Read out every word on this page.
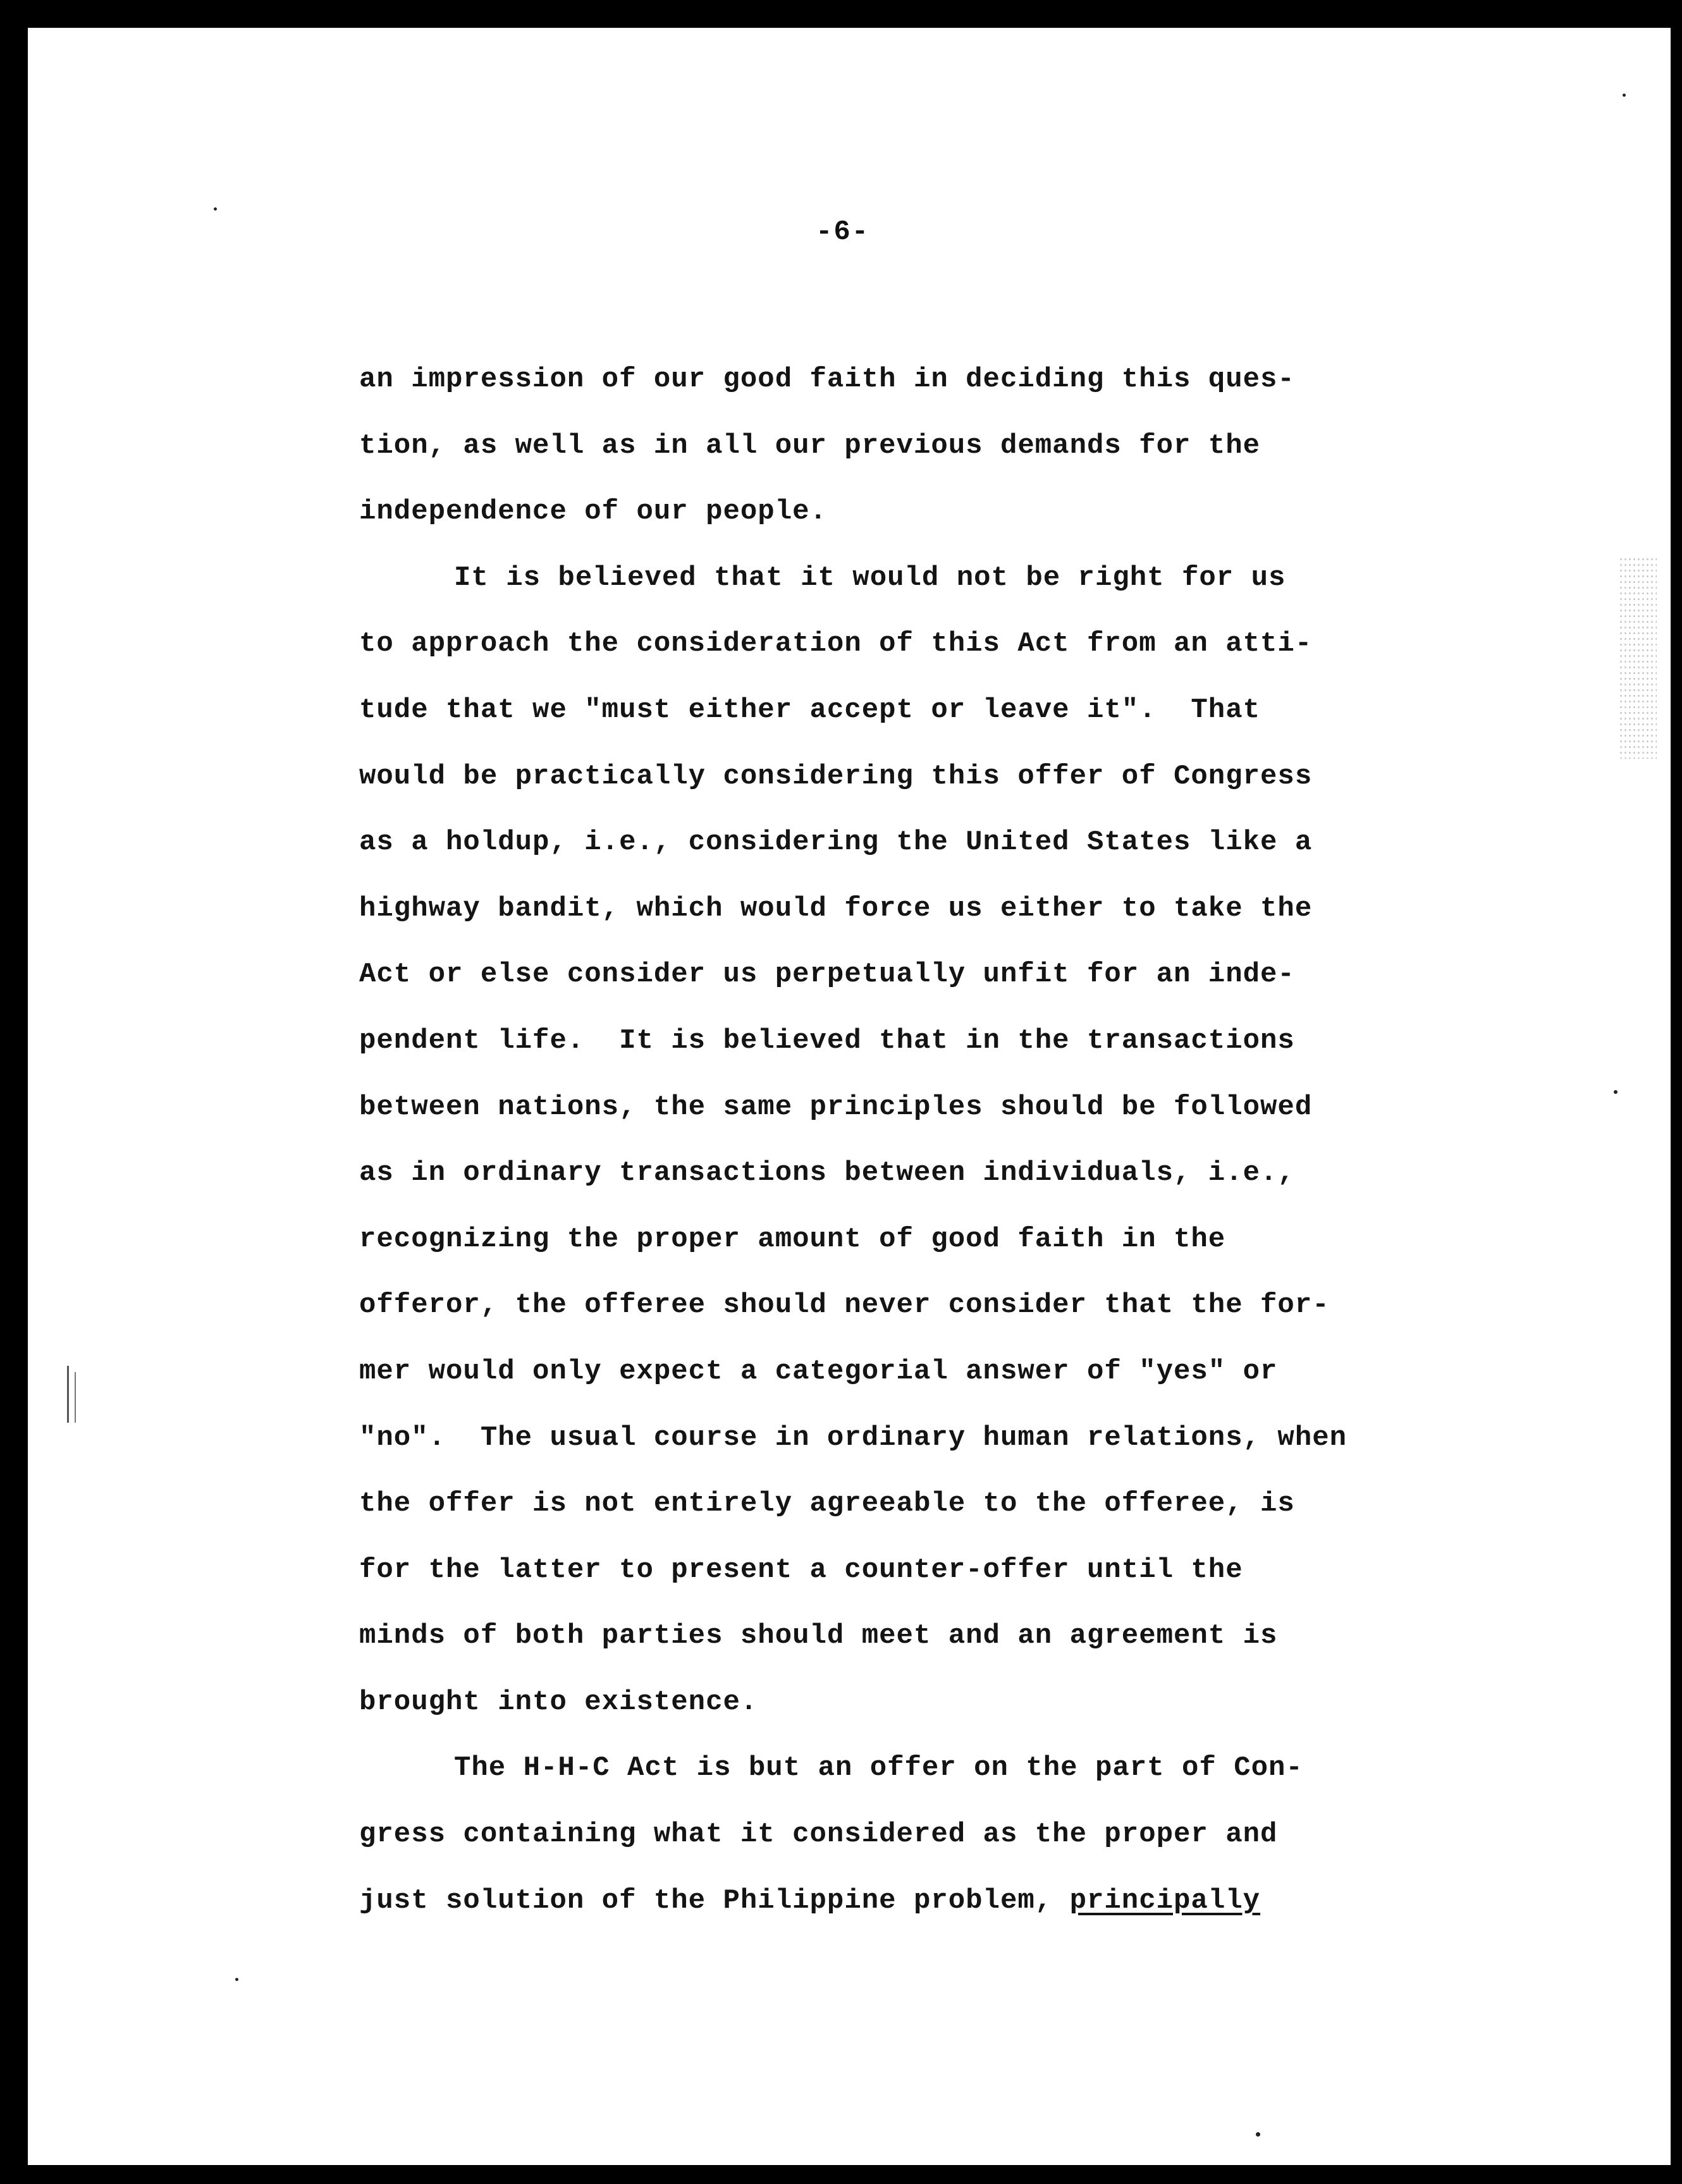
-6-
an impression of our good faith in deciding this ques-
tion, as well as in all our previous demands for the
independence of our people.
It is believed that it would not be right for us
to approach the consideration of this Act from an atti-
tude that we "must either accept or leave it".  That
would be practically considering this offer of Congress
as a holdup, i.e., considering the United States like a
highway bandit, which would force us either to take the
Act or else consider us perpetually unfit for an inde-
pendent life.  It is believed that in the transactions
between nations, the same principles should be followed
as in ordinary transactions between individuals, i.e.,
recognizing the proper amount of good faith in the
offeror, the offeree should never consider that the for-
mer would only expect a categorial answer of "yes" or
"no".  The usual course in ordinary human relations, when
the offer is not entirely agreeable to the offeree, is
for the latter to present a counter-offer until the
minds of both parties should meet and an agreement is
brought into existence.
The H-H-C Act is but an offer on the part of Con-
gress containing what it considered as the proper and
just solution of the Philippine problem, principally
